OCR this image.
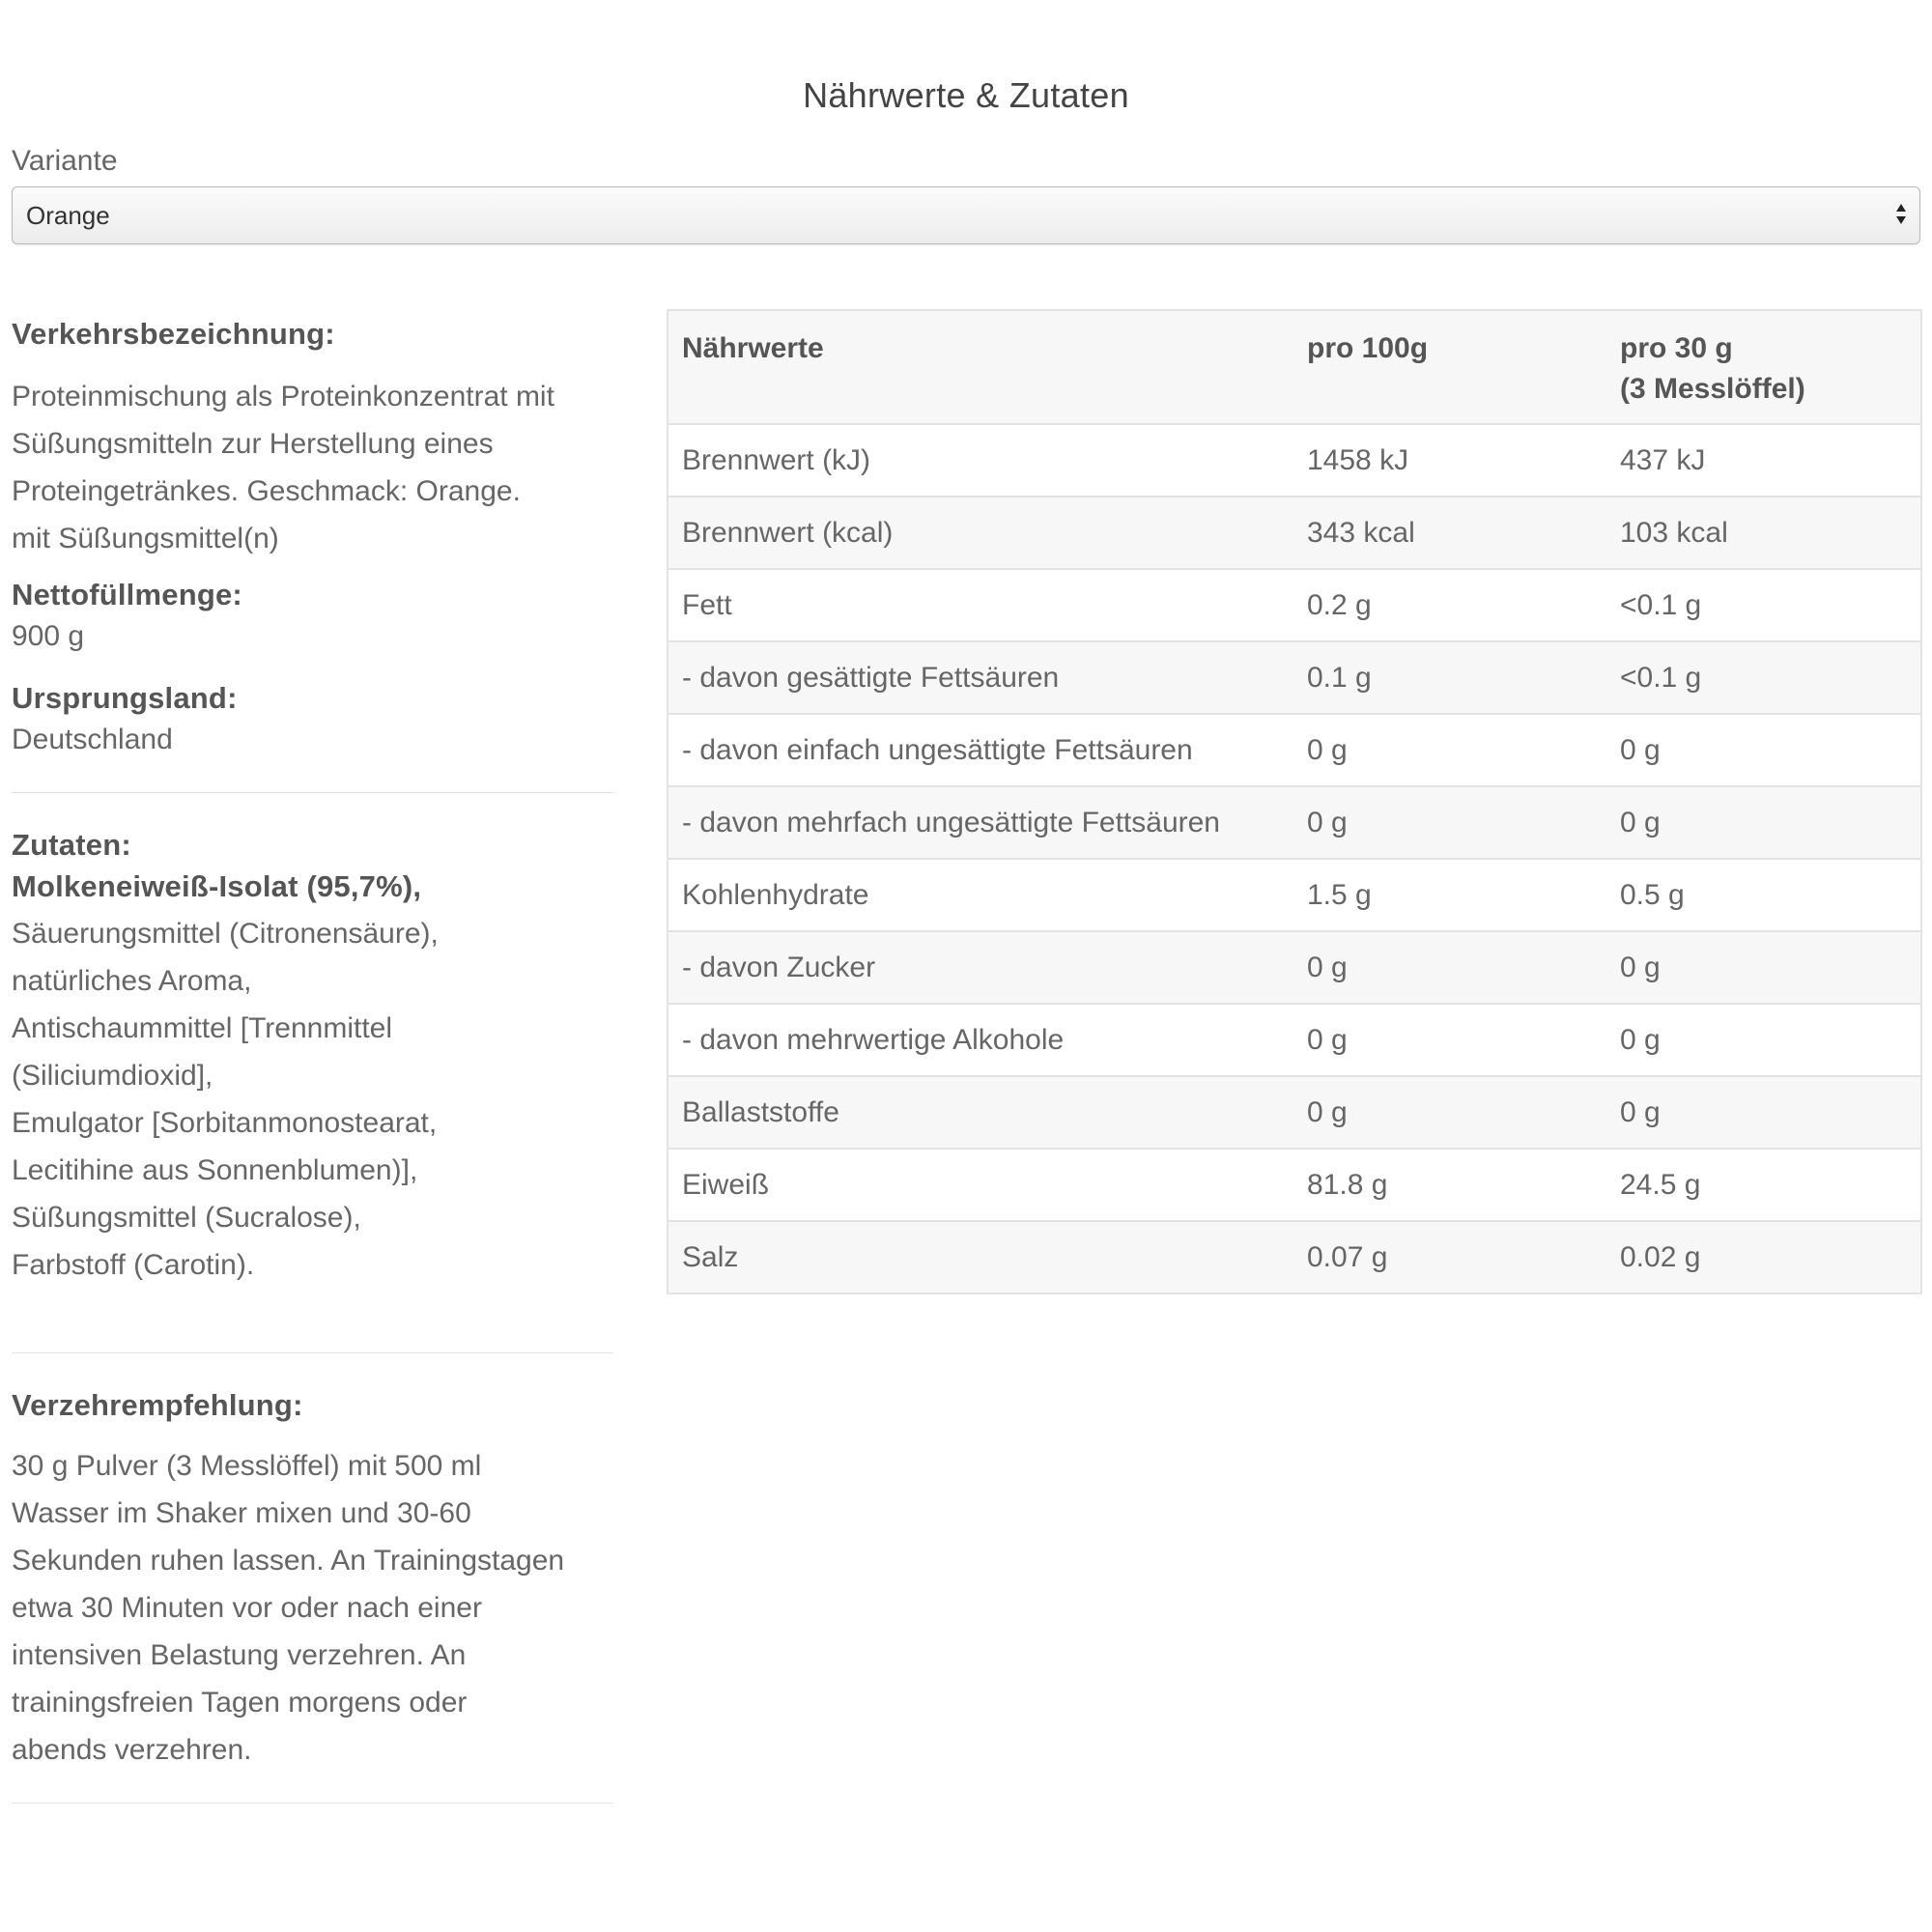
Nährwerte & Zutaten
Variante
Orange
Verkehrsbezeichnung:
Proteinmischung als Proteinkonzentrat mit
Süßungsmitteln zur Herstellung eines
Proteingetränkes. Geschmack: Orange.
mit Süßungsmittel(n)
Nettofüllmenge:
900 g
Ursprungsland:
Deutschland
Zutaten:
Molkeneiweiß-Isolat (95,7%),
Säuerungsmittel (Citronensäure),
natürliches Aroma,
Antischaummittel [Trennmittel
(Siliciumdioxid],
Emulgator [Sorbitanmonostearat,
Lecitihine aus Sonnenblumen)],
Süßungsmittel (Sucralose),
Farbstoff (Carotin).
Verzehrempfehlung:
30 g Pulver (3 Messlöffel) mit 500 ml
Wasser im Shaker mixen und 30-60
Sekunden ruhen lassen. An Trainingstagen
etwa 30 Minuten vor oder nach einer
intensiven Belastung verzehren. An
trainingsfreien Tagen morgens oder
abends verzehren.
Nährwerte	pro 100g	pro 30 g
(3 Messlöffel)

Brennwert (kJ)	1458 kJ	437 kJ
Brennwert (kcal)	343 kcal	103 kcal
Fett	0.2 g	<0.1 g
- davon gesättigte Fettsäuren	0.1 g	<0.1 g
- davon einfach ungesättigte Fettsäuren	0 g	0 g
- davon mehrfach ungesättigte Fettsäuren	0 g	0 g
Kohlenhydrate	1.5 g	0.5 g
- davon Zucker	0 g	0 g
- davon mehrwertige Alkohole	0 g	0 g
Ballaststoffe	0 g	0 g
Eiweiß	81.8 g	24.5 g
Salz	0.07 g	0.02 g
